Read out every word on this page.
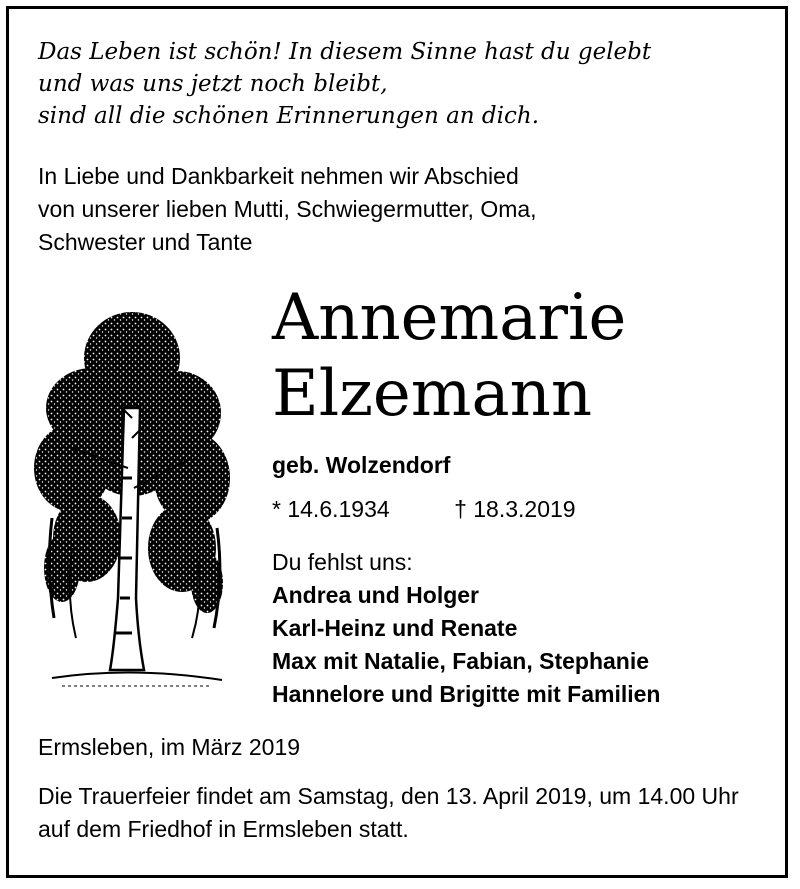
Das Leben ist schön! In diesem Sinne hast du gelebt
und was uns jetzt noch bleibt,
sind all die schönen Erinnerungen an dich.
In Liebe und Dankbarkeit nehmen wir Abschied
von unserer lieben Mutti, Schwiegermutter, Oma,
Schwester und Tante
Annemarie
Elzemann
geb. Wolzendorf
* 14.6.1934	† 18.3.2019
Du fehlst uns:
Andrea und Holger
Karl-Heinz und Renate
Max mit Natalie, Fabian, Stephanie
Hannelore und Brigitte mit Familien
Ermsleben, im März 2019
Die Trauerfeier findet am Samstag, den 13. April 2019, um 14.00 Uhr auf dem Friedhof in Ermsleben statt.
